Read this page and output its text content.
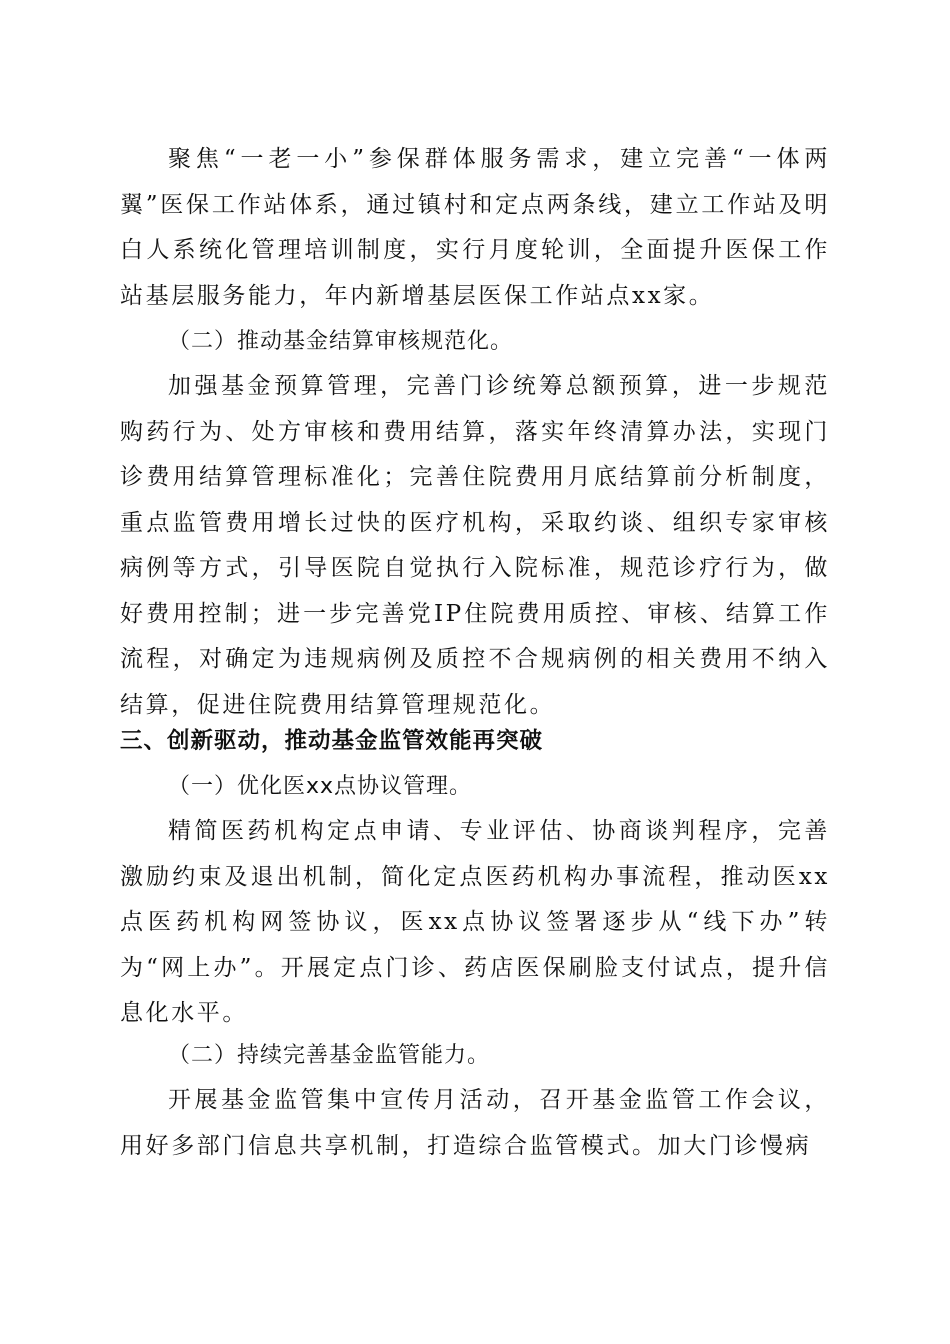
聚焦“一老一小”参保群体服务需求，建立完善“一体两翼”医保工作站体系，通过镇村和定点两条线，建立工作站及明白人系统化管理培训制度，实行月度轮训，全面提升医保工作站基层服务能力，年内新增基层医保工作站点xx家。

（二）推动基金结算审核规范化。

加强基金预算管理，完善门诊统筹总额预算，进一步规范购药行为、处方审核和费用结算，落实年终清算办法，实现门诊费用结算管理标准化；完善住院费用月底结算前分析制度，重点监管费用增长过快的医疗机构，采取约谈、组织专家审核病例等方式，引导医院自觉执行入院标准，规范诊疗行为，做好费用控制；进一步完善党IP住院费用质控、审核、结算工作流程，对确定为违规病例及质控不合规病例的相关费用不纳入结算，促进住院费用结算管理规范化。

三、创新驱动，推动基金监管效能再突破

（一）优化医xx点协议管理。

精简医药机构定点申请、专业评估、协商谈判程序，完善激励约束及退出机制，简化定点医药机构办事流程，推动医xx点医药机构网签协议，医xx点协议签署逐步从“线下办”转为“网上办”。开展定点门诊、药店医保刷脸支付试点，提升信息化水平。

（二）持续完善基金监管能力。

开展基金监管集中宣传月活动，召开基金监管工作会议，用好多部门信息共享机制，打造综合监管模式。加大门诊慢病
